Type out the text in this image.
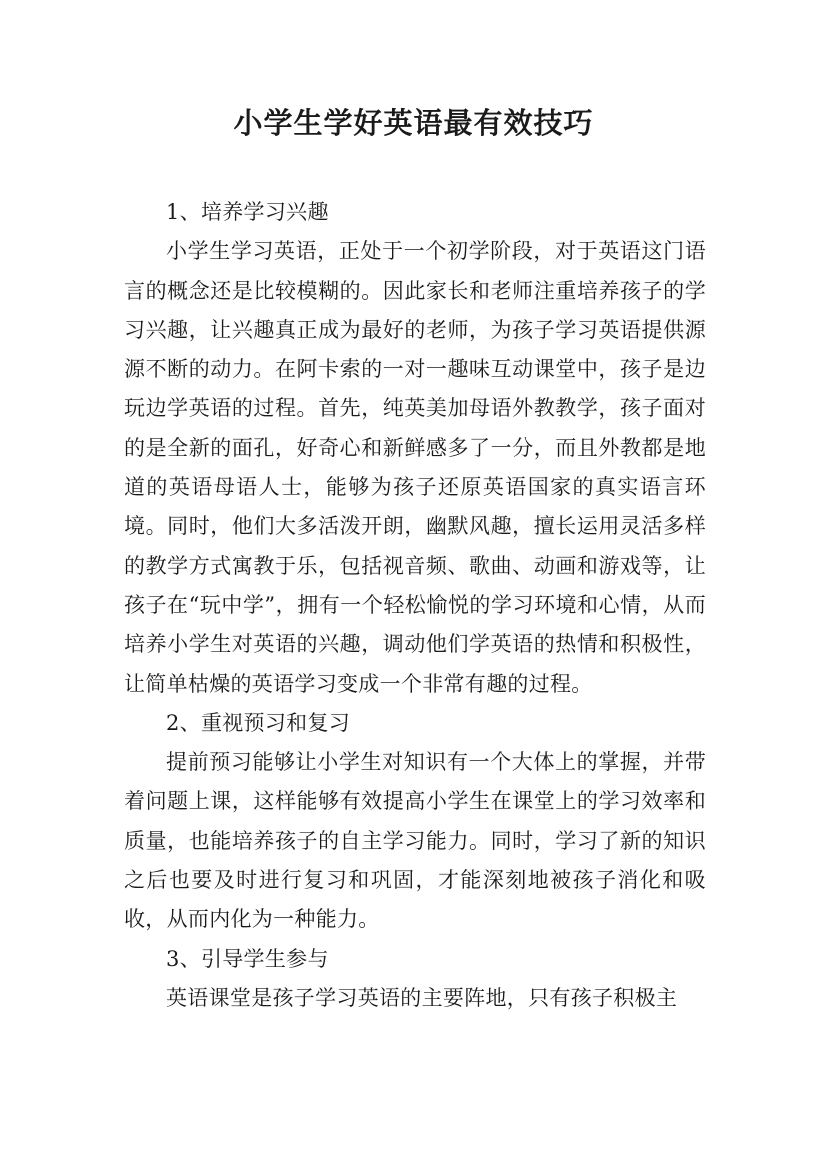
小学生学好英语最有效技巧

1、培养学习兴趣

小学生学习英语，正处于一个初学阶段，对于英语这门语言的概念还是比较模糊的。因此家长和老师注重培养孩子的学习兴趣，让兴趣真正成为最好的老师，为孩子学习英语提供源源不断的动力。在阿卡索的一对一趣味互动课堂中，孩子是边玩边学英语的过程。首先，纯英美加母语外教教学，孩子面对的是全新的面孔，好奇心和新鲜感多了一分，而且外教都是地道的英语母语人士，能够为孩子还原英语国家的真实语言环境。同时，他们大多活泼开朗，幽默风趣，擅长运用灵活多样的教学方式寓教于乐，包括视音频、歌曲、动画和游戏等，让孩子在“玩中学”，拥有一个轻松愉悦的学习环境和心情，从而培养小学生对英语的兴趣，调动他们学英语的热情和积极性，让简单枯燥的英语学习变成一个非常有趣的过程。

2、重视预习和复习

提前预习能够让小学生对知识有一个大体上的掌握，并带着问题上课，这样能够有效提高小学生在课堂上的学习效率和质量，也能培养孩子的自主学习能力。同时，学习了新的知识之后也要及时进行复习和巩固，才能深刻地被孩子消化和吸收，从而内化为一种能力。

3、引导学生参与

英语课堂是孩子学习英语的主要阵地，只有孩子积极主
